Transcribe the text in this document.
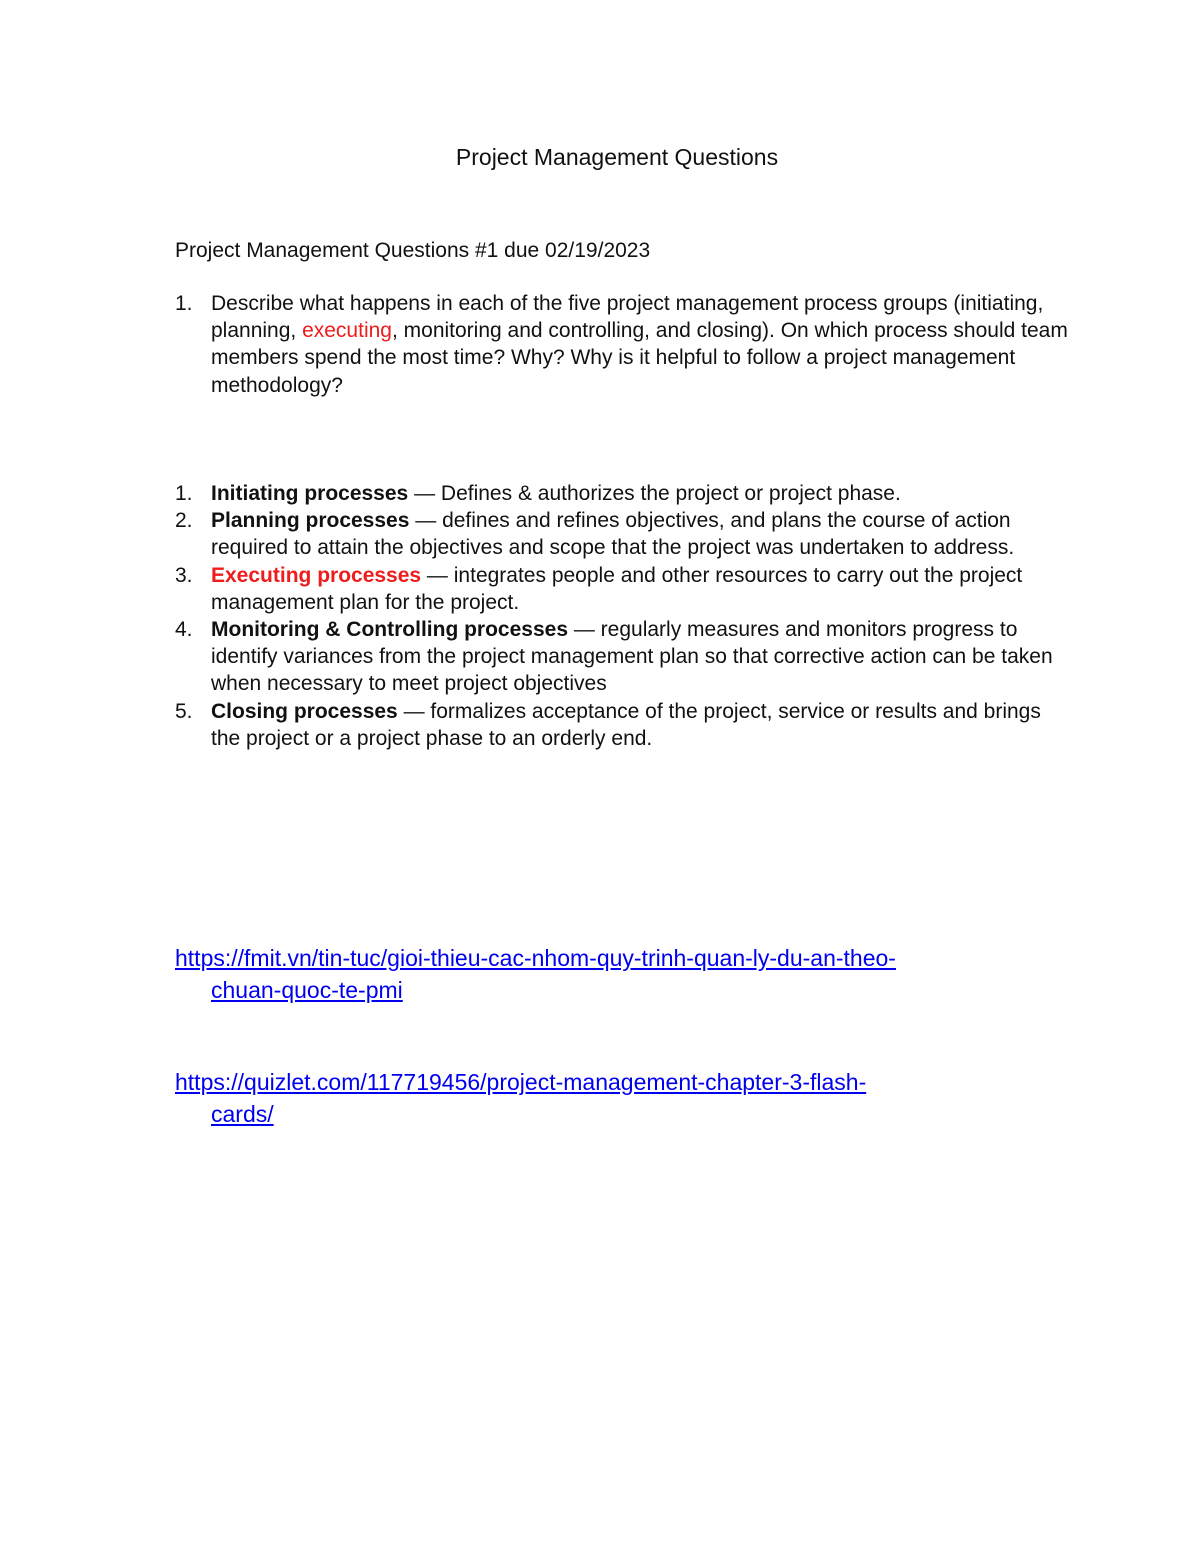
Project Management Questions
Project Management Questions #1 due 02/19/2023
1. Describe what happens in each of the five project management process groups (initiating, planning, executing, monitoring and controlling, and closing). On which process should team members spend the most time? Why? Why is it helpful to follow a project management methodology?
1. Initiating processes — Defines & authorizes the project or project phase.
2. Planning processes — defines and refines objectives, and plans the course of action required to attain the objectives and scope that the project was undertaken to address.
3. Executing processes — integrates people and other resources to carry out the project management plan for the project.
4. Monitoring & Controlling processes — regularly measures and monitors progress to identify variances from the project management plan so that corrective action can be taken when necessary to meet project objectives
5. Closing processes — formalizes acceptance of the project, service or results and brings the project or a project phase to an orderly end.
https://fmit.vn/tin-tuc/gioi-thieu-cac-nhom-quy-trinh-quan-ly-du-an-theo-
chuan-quoc-te-pmi
https://quizlet.com/117719456/project-management-chapter-3-flash-
cards/
